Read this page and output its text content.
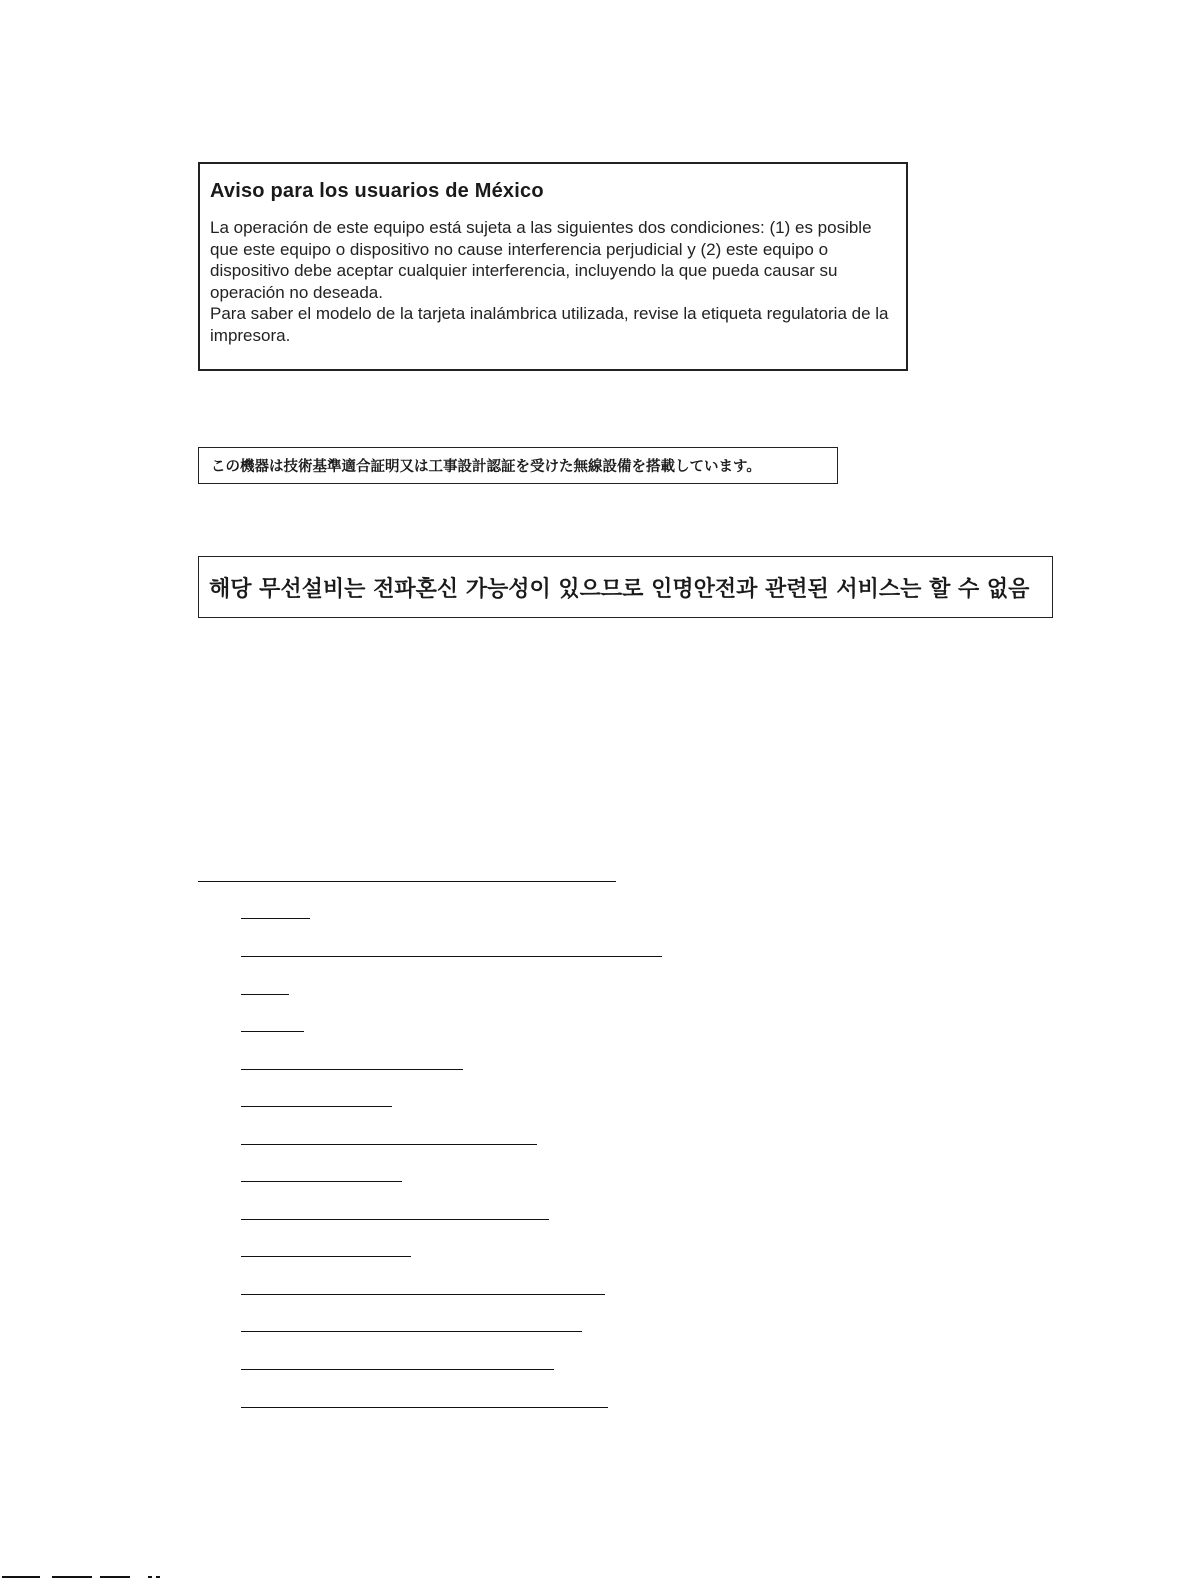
Aviso para los usuarios de México

La operación de este equipo está sujeta a las siguientes dos condiciones: (1) es posible que este equipo o dispositivo no cause interferencia perjudicial y (2) este equipo o dispositivo debe aceptar cualquier interferencia, incluyendo la que pueda causar su operación no deseada.

Para saber el modelo de la tarjeta inalámbrica utilizada, revise la etiqueta regulatoria de la impresora.

この機器は技術基準適合証明又は工事設計認証を受けた無線設備を搭載しています。
해당 무선설비는 전파혼신 가능성이 있으므로 인명안전과 관련된 서비스는 할 수 없음
